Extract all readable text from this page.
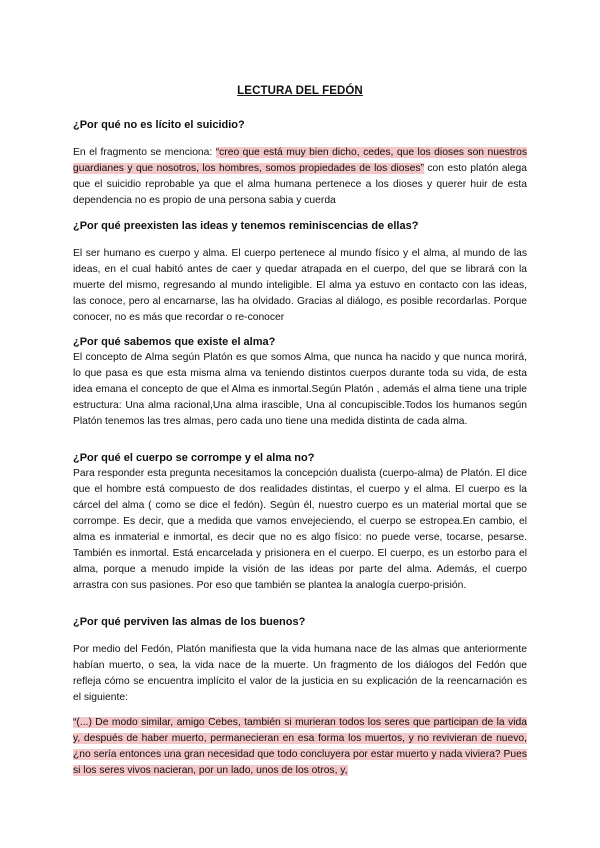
LECTURA DEL FEDÓN
¿Por qué no es lícito el suicidio?

En el fragmento se menciona: “creo que está muy bien dicho, cedes, que los dioses son nuestros guardianes y que nosotros, los hombres, somos propiedades de los dioses” con esto platón alega que el suicidio reprobable ya que el alma humana pertenece a los dioses y querer huir de esta dependencia no es propio de una persona sabia y cuerda

¿Por qué preexisten las ideas y tenemos reminiscencias de ellas?

El ser humano es cuerpo y alma. El cuerpo pertenece al mundo físico y el alma, al mundo de las ideas, en el cual habitó antes de caer y quedar atrapada en el cuerpo, del que se librará con la muerte del mismo, regresando al mundo inteligible. El alma ya estuvo en contacto con las ideas, las conoce, pero al encarnarse, las ha olvidado. Gracias al diálogo, es posible recordarlas. Porque conocer, no es más que recordar o re-conocer

¿Por qué sabemos que existe el alma?

El concepto de Alma según Platón es que somos Alma, que nunca ha nacido y que nunca morirá, lo que pasa es que esta misma alma va teniendo distintos cuerpos durante toda su vida, de esta idea emana el concepto de que el Alma es inmortal.Según Platón , además el alma tiene una triple estructura: Una alma racional,Una alma irascible, Una al concupiscible.Todos los humanos según Platón tenemos las tres almas, pero cada uno tiene una medida distinta de cada alma.

¿Por qué el cuerpo se corrompe y el alma no?

Para responder esta pregunta necesitamos la concepción dualista (cuerpo-alma) de Platón. El dice que el hombre está compuesto de dos realidades distintas, el cuerpo y el alma. El cuerpo es la cárcel del alma ( como se dice el fedón). Según él, nuestro cuerpo es un material mortal que se corrompe. Es decir, que a medida que vamos envejeciendo, el cuerpo se estropea.En cambio, el alma es inmaterial e inmortal, es decir que no es algo físico: no puede verse, tocarse, pesarse. También es inmortal. Está encarcelada y prisionera en el cuerpo. El cuerpo, es un estorbo para el alma, porque a menudo impide la visión de las ideas por parte del alma. Además, el cuerpo arrastra con sus pasiones. Por eso que también se plantea la analogía cuerpo-prisión.

¿Por qué perviven las almas de los buenos?

Por medio del Fedón, Platón manifiesta que la vida humana nace de las almas que anteriormente habían muerto, o sea, la vida nace de la muerte. Un fragmento de los diálogos del Fedón que refleja cómo se encuentra implícito el valor de la justicia en su explicación de la reencarnación es el siguiente:

“(...) De modo similar, amigo Cebes, también si murieran todos los seres que participan de la vida y, después de haber muerto, permanecieran en esa forma los muertos, y no revivieran de nuevo, ¿no sería entonces una gran necesidad que todo concluyera por estar muerto y nada viviera? Pues si los seres vivos nacieran, por un lado, unos de los otros, y,
